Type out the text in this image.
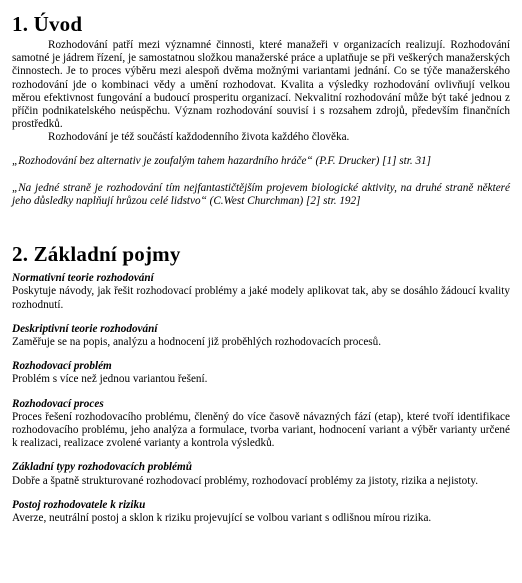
1. Úvod

Rozhodování patří mezi významné činnosti, které manažeři v organizacích realizují. Rozhodování samotné je jádrem řízení, je samostatnou složkou manažerské práce a uplatňuje se při veškerých manažerských činnostech. Je to proces výběru mezi alespoň dvěma možnými variantami jednání. Co se týče manažerského rozhodování jde o kombinaci vědy a umění rozhodovat. Kvalita a výsledky rozhodování ovlivňují velkou měrou efektivnost fungování a budoucí prosperitu organizací. Nekvalitní rozhodování může být také jednou z příčin podnikatelského neúspěchu. Význam rozhodování souvisí i s rozsahem zdrojů, především finančních prostředků.

Rozhodování je též součástí každodenního života každého člověka.

„Rozhodování bez alternativ je zoufalým tahem hazardního hráče“ (P.F. Drucker) [1] str. 31]

„Na jedné straně je rozhodování tím nejfantastičtějším projevem biologické aktivity, na druhé straně některé jeho důsledky naplňují hrůzou celé lidstvo“ (C.West Churchman) [2] str. 192]

2. Základní pojmy

Normativní teorie rozhodování

Poskytuje návody, jak řešit rozhodovací problémy a jaké modely aplikovat tak, aby se dosáhlo žádoucí kvality rozhodnutí.

Deskriptivní teorie rozhodování

Zaměřuje se na popis, analýzu a hodnocení již proběhlých rozhodovacích procesů.

Rozhodovací problém

Problém s více než jednou variantou řešení.

Rozhodovací proces

Proces řešení rozhodovacího problému, členěný do více časově návazných fází (etap), které tvoří identifikace rozhodovacího problému, jeho analýza a formulace, tvorba variant, hodnocení variant a výběr varianty určené k realizaci, realizace zvolené varianty a kontrola výsledků.

Základní typy rozhodovacích problémů

Dobře a špatně strukturované rozhodovací problémy, rozhodovací problémy za jistoty, rizika a nejistoty.

Postoj rozhodovatele k riziku

Averze, neutrální postoj a sklon k riziku projevující se volbou variant s odlišnou mírou rizika.
